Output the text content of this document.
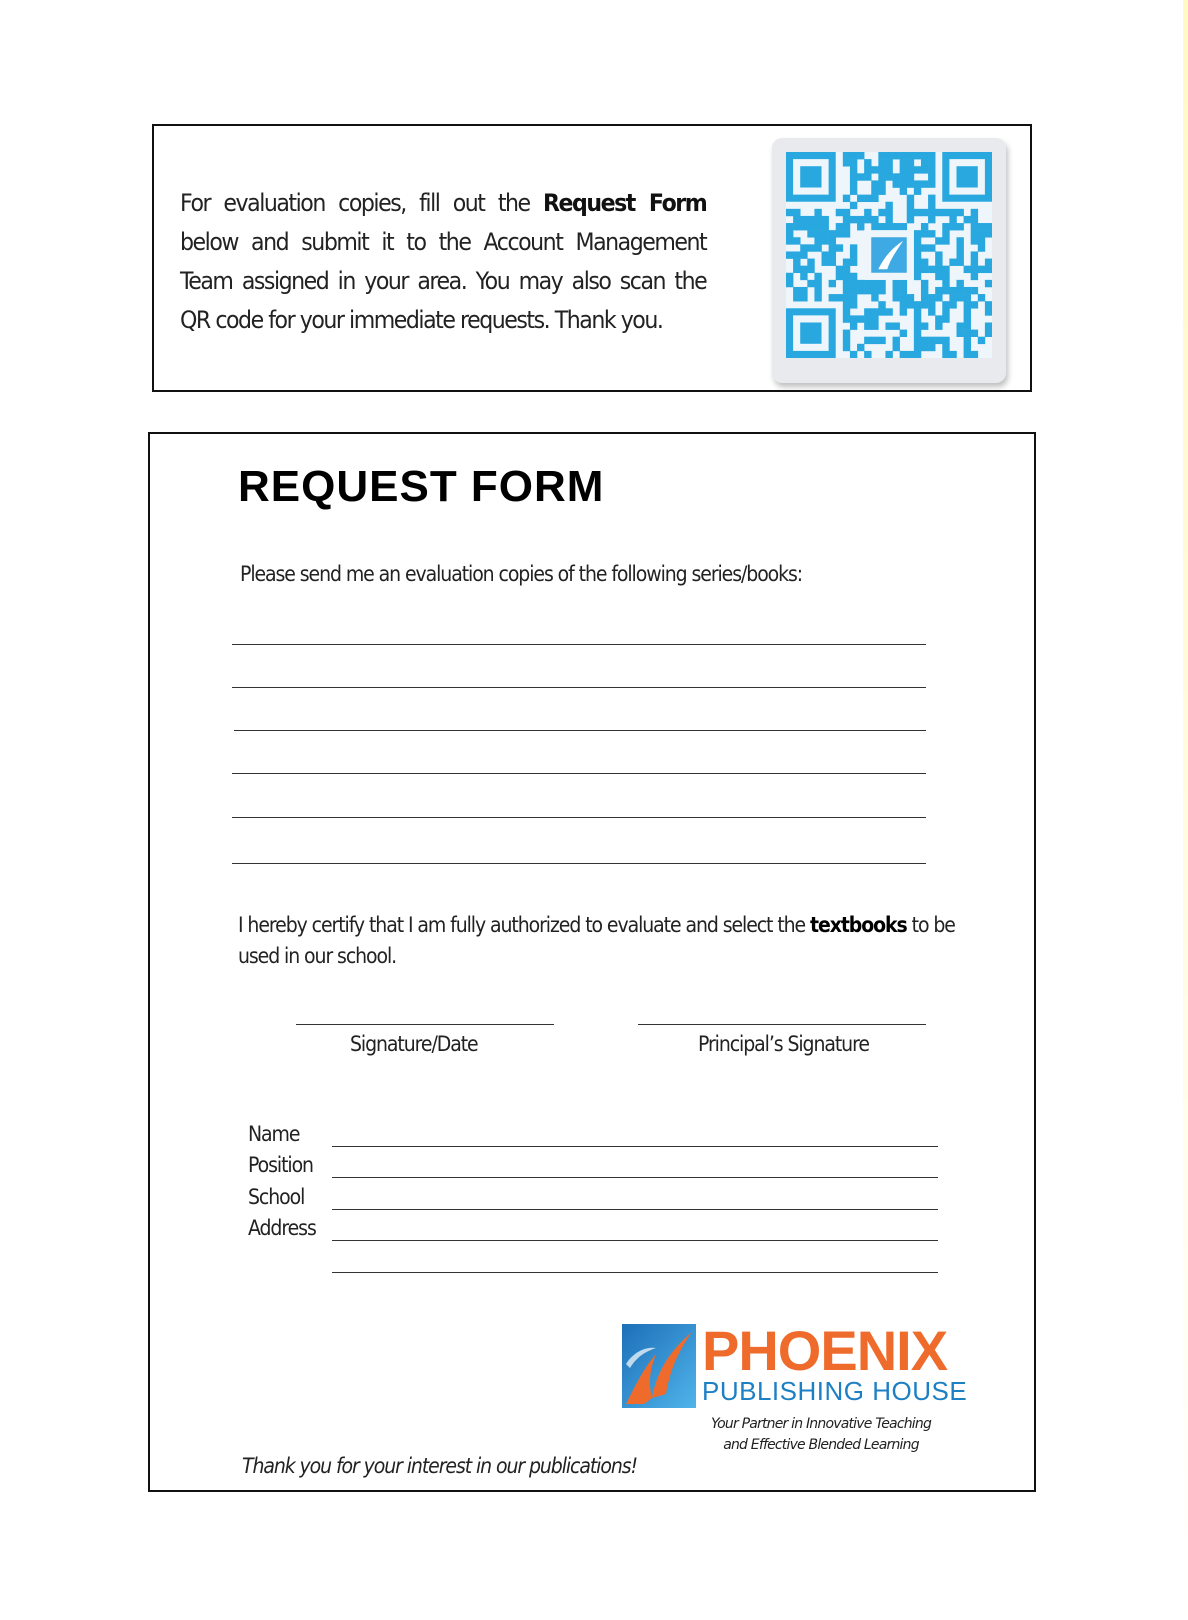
For evaluation copies, fill out the Request Form below and submit it to the Account Management Team assigned in your area. You may also scan the QR code for your immediate requests. Thank you.

REQUEST FORM
Please send me an evaluation copies of the following series/books:

I hereby certify that I am fully authorized to evaluate and select the textbooks to be used in our school.

Signature/Date	Principal’s Signature
Name
Position
School
Address
PHOENIX
PUBLISHING HOUSE
Your Partner in Innovative Teaching
and Effective Blended Learning
Thank you for your interest in our publications!
